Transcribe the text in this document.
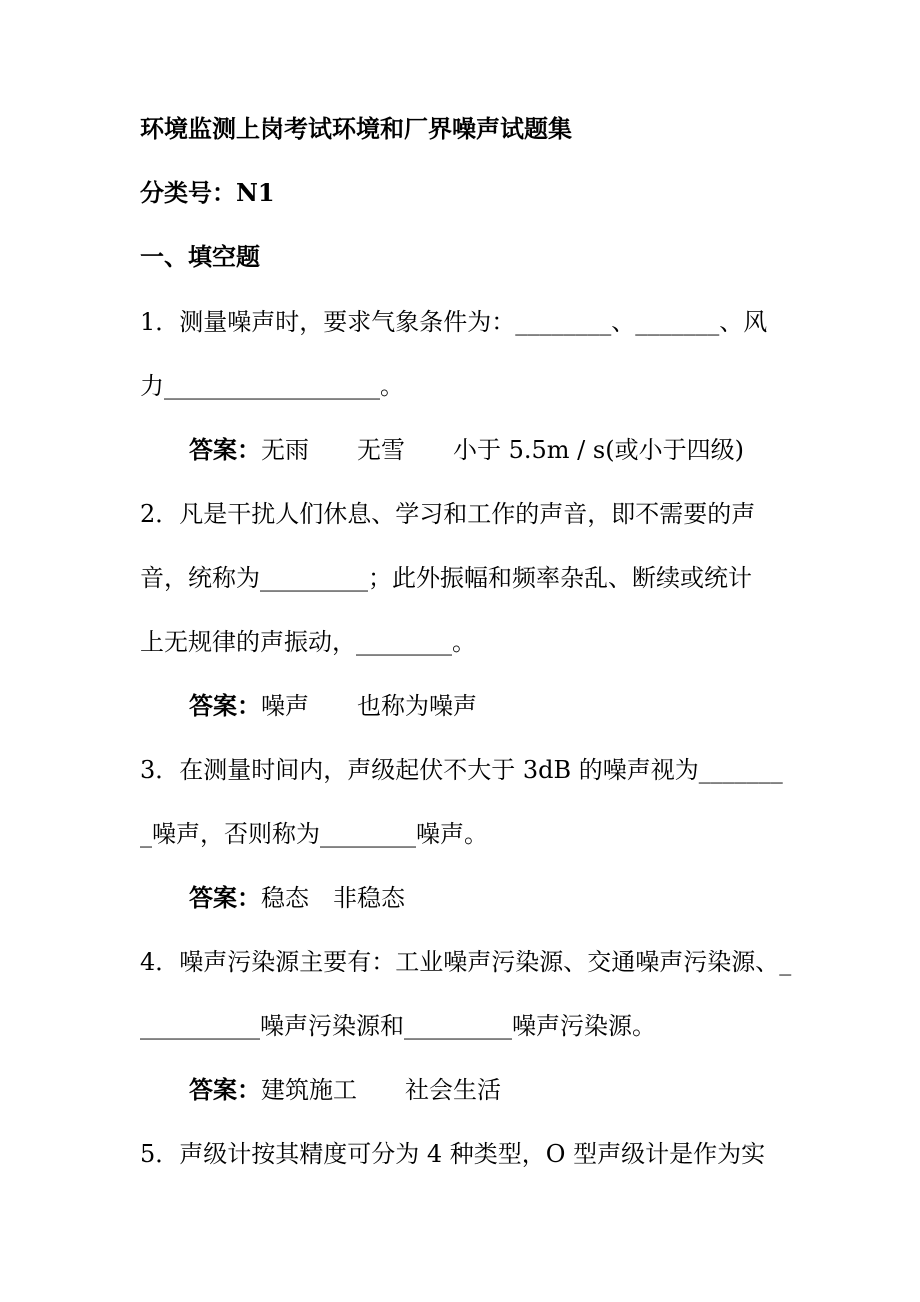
环境监测上岗考试环境和厂界噪声试题集
分类号：N1
一、填空题
1．测量噪声时，要求气象条件为：________、_______、风
力__________________。
答案：无雨　　无雪　　小于 5.5m / s(或小于四级)
2．凡是干扰人们休息、学习和工作的声音，即不需要的声
音，统称为_________；此外振幅和频率杂乱、断续或统计
上无规律的声振动，________。
答案：噪声　　也称为噪声
3．在测量时间内，声级起伏不大于 3dB 的噪声视为_______
_噪声，否则称为________噪声。
答案：稳态　非稳态
4．噪声污染源主要有：工业噪声污染源、交通噪声污染源、_
__________噪声污染源和_________噪声污染源。
答案：建筑施工　　社会生活
5．声级计按其精度可分为 4 种类型，O 型声级计是作为实
